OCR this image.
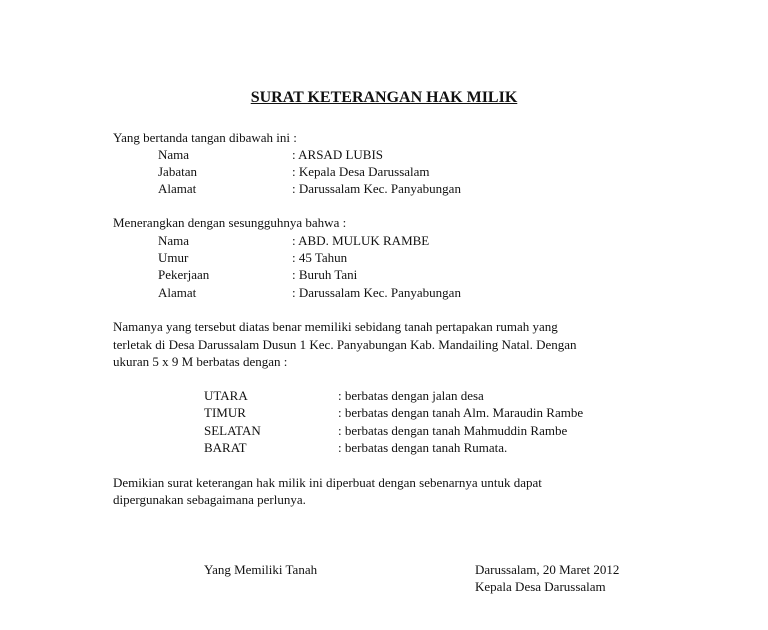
SURAT KETERANGAN HAK MILIK
Yang bertanda tangan dibawah ini :
Nama	: ARSAD LUBIS
Jabatan	: Kepala Desa Darussalam
Alamat	: Darussalam Kec. Panyabungan
Menerangkan dengan sesungguhnya bahwa :
Nama	: ABD. MULUK RAMBE
Umur	: 45 Tahun
Pekerjaan	: Buruh Tani
Alamat	: Darussalam Kec. Panyabungan
Namanya yang tersebut diatas benar memiliki sebidang tanah pertapakan rumah yang
terletak di Desa Darussalam Dusun 1 Kec. Panyabungan Kab. Mandailing Natal. Dengan
ukuran 5 x 9 M berbatas dengan :
UTARA	: berbatas dengan jalan desa
TIMUR	: berbatas dengan tanah Alm. Maraudin Rambe
SELATAN	: berbatas dengan tanah Mahmuddin Rambe
BARAT	: berbatas dengan tanah Rumata.
Demikian surat keterangan hak milik ini diperbuat dengan sebenarnya untuk dapat
dipergunakan sebagaimana perlunya.
Yang Memiliki Tanah	Darussalam, 20 Maret 2012
Kepala Desa Darussalam
